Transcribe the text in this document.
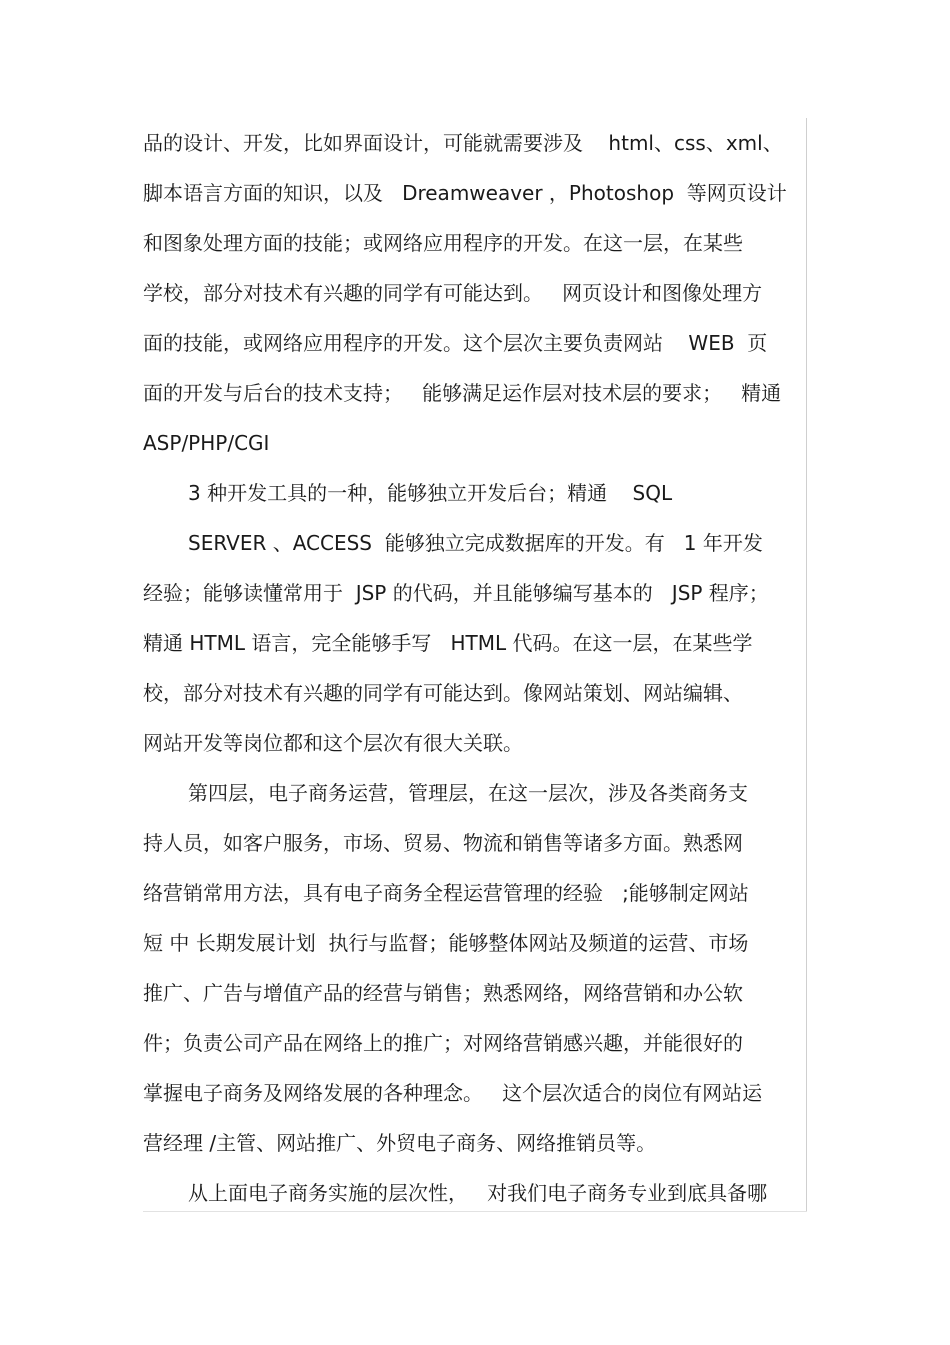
品的设计、开发，比如界面设计，可能就需要涉及    html、css、xml、
脚本语言方面的知识，以及   Dreamweaver ，Photoshop  等网页设计
和图象处理方面的技能；或网络应用程序的开发。在这一层，在某些
学校，部分对技术有兴趣的同学有可能达到。   网页设计和图像处理方
面的技能，或网络应用程序的开发。这个层次主要负责网站    WEB  页
面的开发与后台的技术支持；   能够满足运作层对技术层的要求；   精通
ASP/PHP/CGI
3 种开发工具的一种，能够独立开发后台；精通    SQL
SERVER 、ACCESS  能够独立完成数据库的开发。有   1 年开发
经验；能够读懂常用于  JSP 的代码，并且能够编写基本的   JSP 程序；
精通 HTML 语言，完全能够手写   HTML 代码。在这一层，在某些学
校，部分对技术有兴趣的同学有可能达到。像网站策划、网站编辑、
网站开发等岗位都和这个层次有很大关联。
第四层，电子商务运营，管理层，在这一层次，涉及各类商务支
持人员，如客户服务，市场、贸易、物流和销售等诸多方面。熟悉网
络营销常用方法，具有电子商务全程运营管理的经验   ;能够制定网站
短 中 长期发展计划  执行与监督；能够整体网站及频道的运营、市场
推广、广告与增值产品的经营与销售；熟悉网络，网络营销和办公软
件；负责公司产品在网络上的推广；对网络营销感兴趣，并能很好的
掌握电子商务及网络发展的各种理念。   这个层次适合的岗位有网站运
营经理 /主管、网站推广、外贸电子商务、网络推销员等。
从上面电子商务实施的层次性，   对我们电子商务专业到底具备哪
